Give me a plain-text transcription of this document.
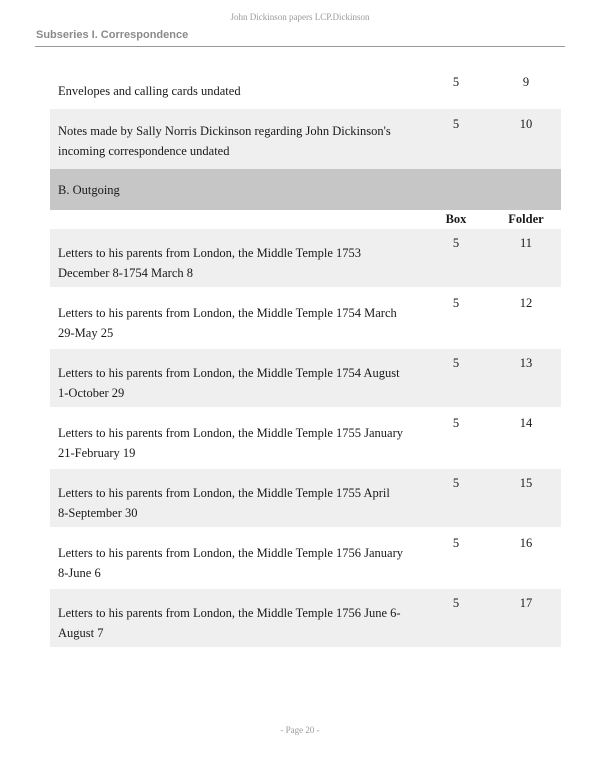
John Dickinson papers LCP.Dickinson
Subseries I. Correspondence
Envelopes and calling cards undated
5	9
Notes made by Sally Norris Dickinson regarding John Dickinson's incoming correspondence undated
5	10
B. Outgoing
Box	Folder
Letters to his parents from London, the Middle Temple 1753 December 8-1754 March 8
5	11
Letters to his parents from London, the Middle Temple 1754 March 29-May 25
5	12
Letters to his parents from London, the Middle Temple 1754 August 1-October 29
5	13
Letters to his parents from London, the Middle Temple 1755 January 21-February 19
5	14
Letters to his parents from London, the Middle Temple 1755 April 8-September 30
5	15
Letters to his parents from London, the Middle Temple 1756 January 8-June 6
5	16
Letters to his parents from London, the Middle Temple 1756 June 6-August 7
5	17
- Page 20 -
